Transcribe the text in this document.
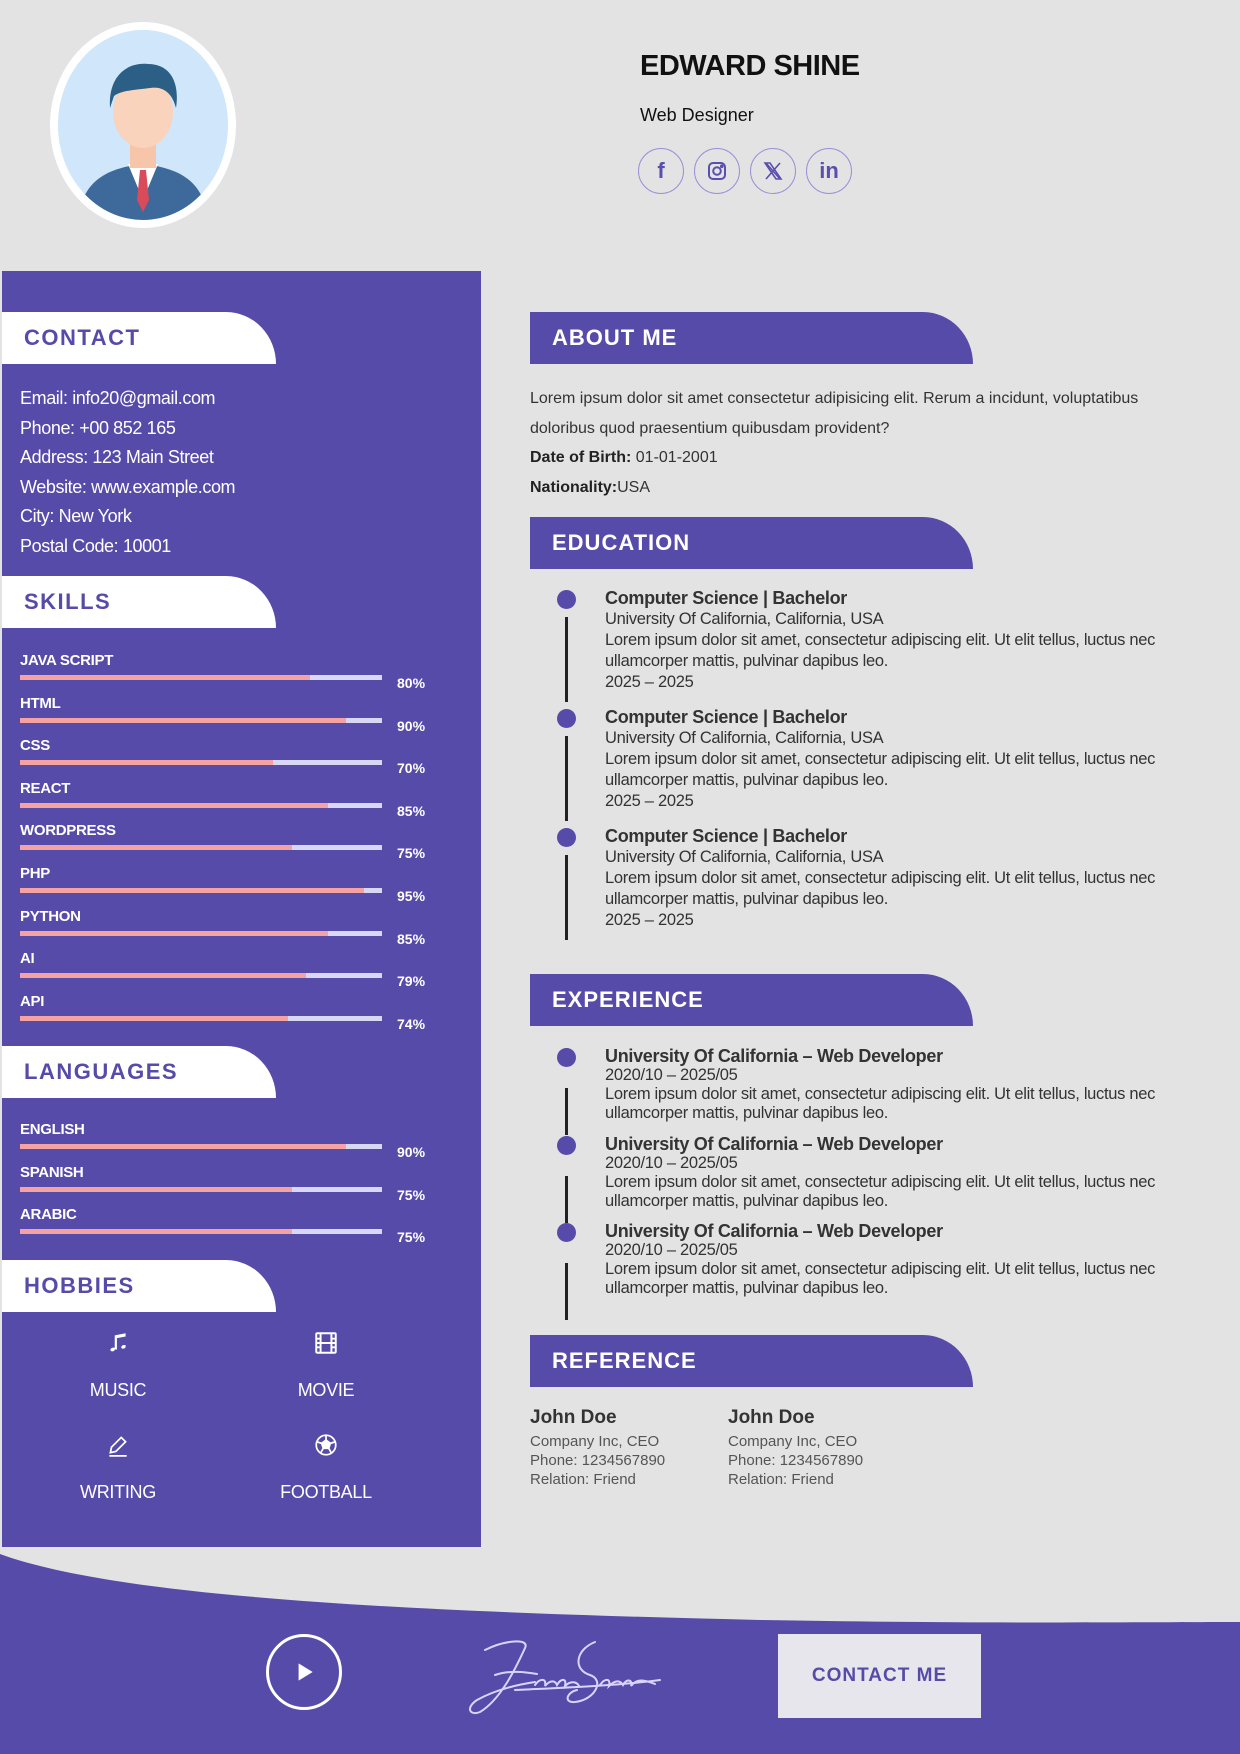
EDWARD SHINE
Web Designer
f	in
CONTACT
Email: info20@gmail.com
Phone: +00 852 165
Address: 123 Main Street
Website: www.example.com
City: New York
Postal Code: 10001
SKILLS
JAVA SCRIPT
80%
HTML
90%
CSS
70%
REACT
85%
WORDPRESS
75%
PHP
95%
PYTHON
85%
AI
79%
API
74%
LANGUAGES
ENGLISH
90%
SPANISH
75%
ARABIC
75%
HOBBIES
MUSIC	MOVIE
WRITING	FOOTBALL
ABOUT ME
Lorem ipsum dolor sit amet consectetur adipisicing elit. Rerum a incidunt, voluptatibus doloribus quod praesentium quibusdam provident?
Date of Birth: 01-01-2001
Nationality:USA
EDUCATION
Computer Science | Bachelor
University Of California, California, USA
Lorem ipsum dolor sit amet, consectetur adipiscing elit. Ut elit tellus, luctus nec ullamcorper mattis, pulvinar dapibus leo.
2025 – 2025
Computer Science | Bachelor
University Of California, California, USA
Lorem ipsum dolor sit amet, consectetur adipiscing elit. Ut elit tellus, luctus nec ullamcorper mattis, pulvinar dapibus leo.
2025 – 2025
Computer Science | Bachelor
University Of California, California, USA
Lorem ipsum dolor sit amet, consectetur adipiscing elit. Ut elit tellus, luctus nec ullamcorper mattis, pulvinar dapibus leo.
2025 – 2025
EXPERIENCE
University Of California – Web Developer
2020/10 – 2025/05
Lorem ipsum dolor sit amet, consectetur adipiscing elit. Ut elit tellus, luctus nec ullamcorper mattis, pulvinar dapibus leo.
University Of California – Web Developer
2020/10 – 2025/05
Lorem ipsum dolor sit amet, consectetur adipiscing elit. Ut elit tellus, luctus nec ullamcorper mattis, pulvinar dapibus leo.
University Of California – Web Developer
2020/10 – 2025/05
Lorem ipsum dolor sit amet, consectetur adipiscing elit. Ut elit tellus, luctus nec ullamcorper mattis, pulvinar dapibus leo.
REFERENCE
John Doe
Company Inc, CEO
Phone: 1234567890
Relation: Friend
John Doe
Company Inc, CEO
Phone: 1234567890
Relation: Friend
CONTACT ME
